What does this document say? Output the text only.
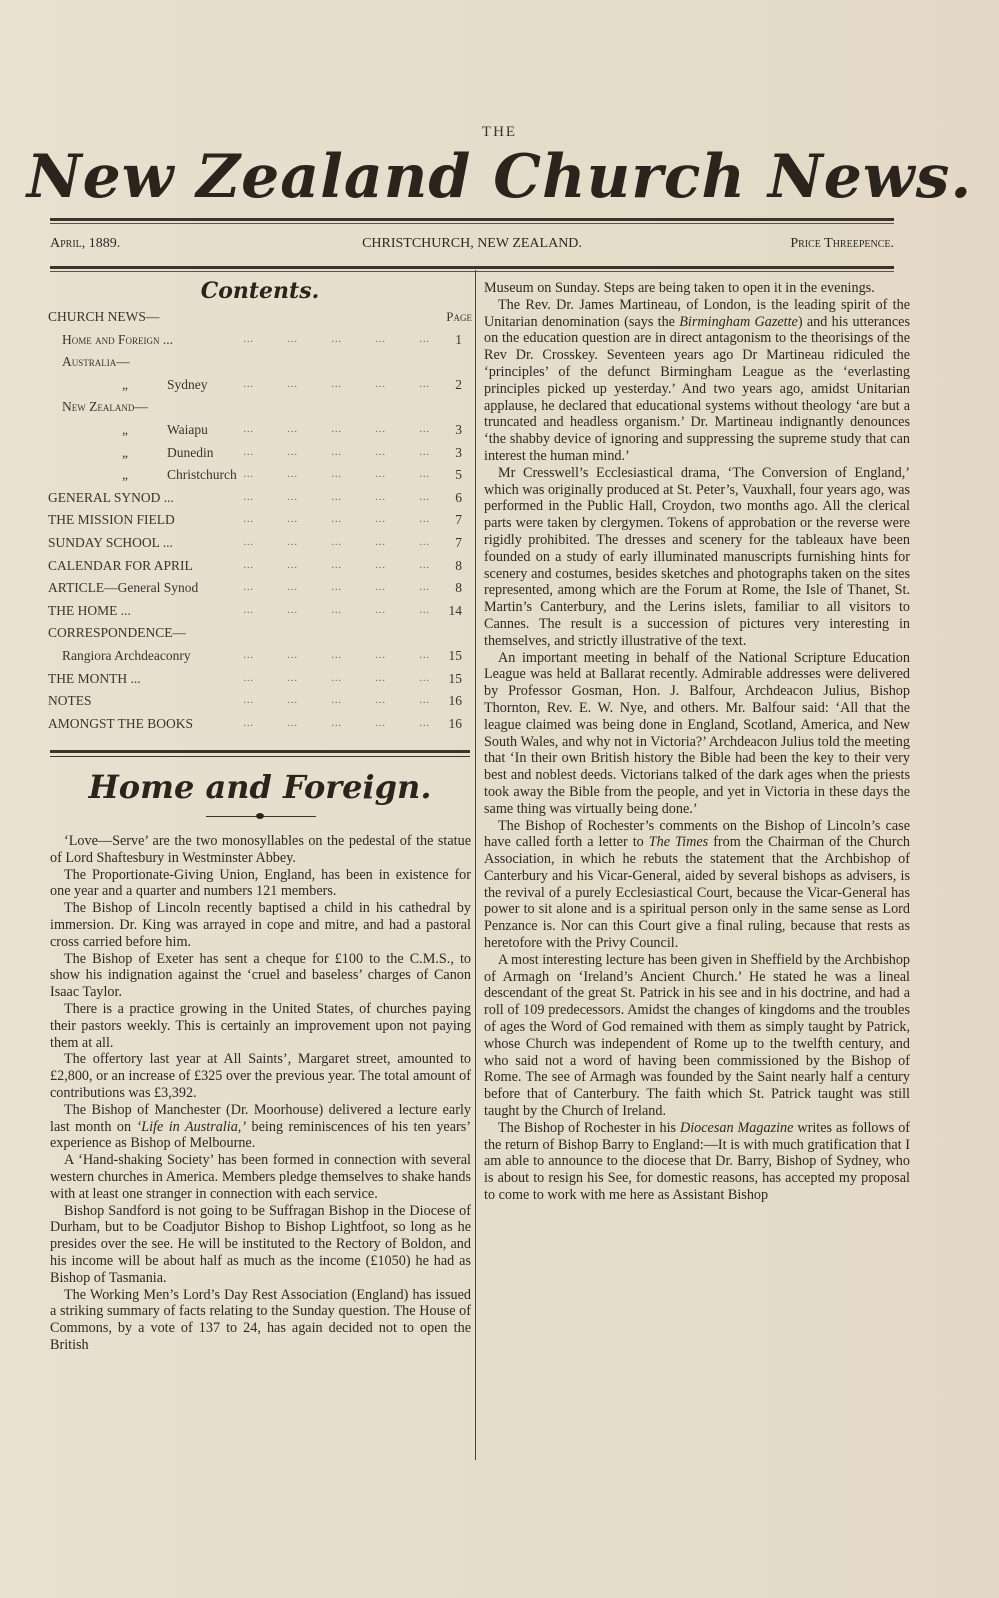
THE
New Zealand Church News.
April, 1889.	CHRISTCHURCH, NEW ZEALAND.	Price Threepence.
Contents.
CHURCH NEWS—	Page
Home and Foreign ...	... ... ... ... ... 1
Australia—
„	Sydney	... ... ... ... ... 2
New Zealand—
„	Waiapu	... ... ... ... ... 3
„	Dunedin	... ... ... ... ... 3
„	Christchurch ... ... ... ... ... 5
GENERAL SYNOD ...	... ... ... ... ... 6
THE MISSION FIELD	... ... ... ... ... 7
SUNDAY SCHOOL ...	... ... ... ... ... 7
CALENDAR FOR APRIL	... ... ... ... ... 8
ARTICLE—General Synod	... ... ... ... ... 8
THE HOME ...	... ... ... ... ... 14
CORRESPONDENCE—
Rangiora Archdeaconry	... ... ... ... ... 15
THE MONTH ...	... ... ... ... ... 15
NOTES	... ... ... ... ... 16
AMONGST THE BOOKS	... ... ... ... ... 16
Home and Foreign.

‘Love—Serve’ are the two monosyllables on the pedestal of the statue of Lord Shaftesbury in Westminster Abbey.

The Proportionate-Giving Union, England, has been in existence for one year and a quarter and numbers 121 members.

The Bishop of Lincoln recently baptised a child in his cathedral by immersion. Dr. King was arrayed in cope and mitre, and had a pastoral cross carried before him.

The Bishop of Exeter has sent a cheque for £100 to the C.M.S., to show his indignation against the ‘cruel and baseless’ charges of Canon Isaac Taylor.

There is a practice growing in the United States, of churches paying their pastors weekly. This is certainly an improvement upon not paying them at all.

The offertory last year at All Saints’, Margaret street, amounted to £2,800, or an increase of £325 over the previous year. The total amount of contributions was £3,392.

The Bishop of Manchester (Dr. Moorhouse) delivered a lecture early last month on ‘Life in Australia,’ being reminiscences of his ten years’ experience as Bishop of Melbourne.

A ‘Hand-shaking Society’ has been formed in connection with several western churches in America. Members pledge themselves to shake hands with at least one stranger in connection with each service.

Bishop Sandford is not going to be Suffragan Bishop in the Diocese of Durham, but to be Coadjutor Bishop to Bishop Lightfoot, so long as he presides over the see. He will be instituted to the Rectory of Boldon, and his income will be about half as much as the income (£1050) he had as Bishop of Tasmania.

The Working Men’s Lord’s Day Rest Association (England) has issued a striking summary of facts relating to the Sunday question. The House of Commons, by a vote of 137 to 24, has again decided not to open the British

Museum on Sunday. Steps are being taken to open it in the evenings.

The Rev. Dr. James Martineau, of London, is the leading spirit of the Unitarian denomination (says the Birmingham Gazette) and his utterances on the education question are in direct antagonism to the theorisings of the Rev Dr. Crosskey. Seventeen years ago Dr Martineau ridiculed the ‘principles’ of the defunct Birmingham League as the ‘everlasting principles picked up yesterday.’ And two years ago, amidst Unitarian applause, he declared that educational systems without theology ‘are but a truncated and headless organism.’ Dr. Martineau indignantly denounces ‘the shabby device of ignoring and suppressing the supreme study that can interest the human mind.’

Mr Cresswell’s Ecclesiastical drama, ‘The Conversion of England,’ which was originally produced at St. Peter’s, Vauxhall, four years ago, was performed in the Public Hall, Croydon, two months ago. All the clerical parts were taken by clergymen. Tokens of approbation or the reverse were rigidly prohibited. The dresses and scenery for the tableaux have been founded on a study of early illuminated manuscripts furnishing hints for scenery and costumes, besides sketches and photographs taken on the sites represented, among which are the Forum at Rome, the Isle of Thanet, St. Martin’s Canterbury, and the Lerins islets, familiar to all visitors to Cannes. The result is a succession of pictures very interesting in themselves, and strictly illustrative of the text.

An important meeting in behalf of the National Scripture Education League was held at Ballarat recently. Admirable addresses were delivered by Professor Gosman, Hon. J. Balfour, Archdeacon Julius, Bishop Thornton, Rev. E. W. Nye, and others. Mr. Balfour said: ‘All that the league claimed was being done in England, Scotland, America, and New South Wales, and why not in Victoria?’ Archdeacon Julius told the meeting that ‘In their own British history the Bible had been the key to their very best and noblest deeds. Victorians talked of the dark ages when the priests took away the Bible from the people, and yet in Victoria in these days the same thing was virtually being done.’

The Bishop of Rochester’s comments on the Bishop of Lincoln’s case have called forth a letter to The Times from the Chairman of the Church Association, in which he rebuts the statement that the Archbishop of Canterbury and his Vicar-General, aided by several bishops as advisers, is the revival of a purely Ecclesiastical Court, because the Vicar-General has power to sit alone and is a spiritual person only in the same sense as Lord Penzance is. Nor can this Court give a final ruling, because that rests as heretofore with the Privy Council.

A most interesting lecture has been given in Sheffield by the Archbishop of Armagh on ‘Ireland’s Ancient Church.’ He stated he was a lineal descendant of the great St. Patrick in his see and in his doctrine, and had a roll of 109 predecessors. Amidst the changes of kingdoms and the troubles of ages the Word of God remained with them as simply taught by Patrick, whose Church was independent of Rome up to the twelfth century, and who said not a word of having been commissioned by the Bishop of Rome. The see of Armagh was founded by the Saint nearly half a century before that of Canterbury. The faith which St. Patrick taught was still taught by the Church of Ireland.

The Bishop of Rochester in his Diocesan Magazine writes as follows of the return of Bishop Barry to England:—It is with much gratification that I am able to announce to the diocese that Dr. Barry, Bishop of Sydney, who is about to resign his See, for domestic reasons, has accepted my proposal to come to work with me here as Assistant Bishop
